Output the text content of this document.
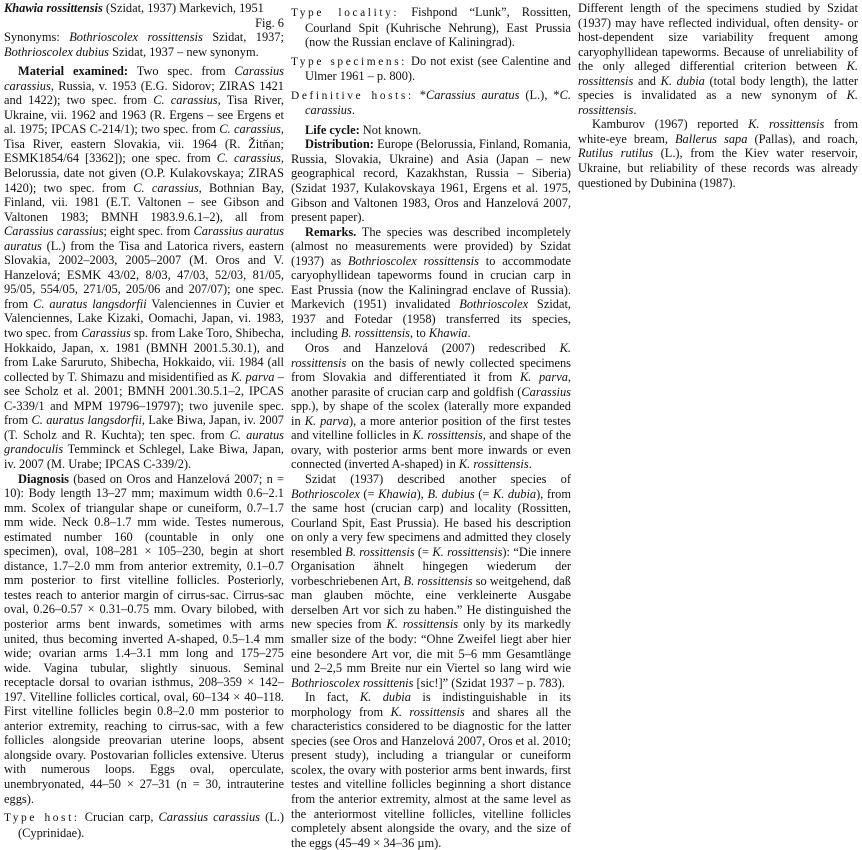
Khawia rossittensis (Szidat, 1937) Markevich, 1951

Fig. 6

Synonyms: Bothrioscolex rossittensis Szidat, 1937; Bothrioscolex dubius Szidat, 1937 – new synonym.

Material examined: Two spec. from Carassius carassius, Russia, v. 1953 (E.G. Sidorov; ZIRAS 1421 and 1422); two spec. from C. carassius, Tisa River, Ukraine, vii. 1962 and 1963 (R. Ergens – see Ergens et al. 1975; IPCAS C-214/1); two spec. from C. carassius, Tisa River, eastern Slovakia, vii. 1964 (R. Žitňan; ESMK1854/64 [3362]); one spec. from C. carassius, Belorussia, date not given (O.P. Kulakovskaya; ZIRAS 1420); two spec. from C. carassius, Bothnian Bay, Finland, vii. 1981 (E.T. Valtonen – see Gibson and Valtonen 1983; BMNH 1983.9.6.1–2), all from Carassius carassius; eight spec. from Carassius auratus auratus (L.) from the Tisa and Latorica rivers, eastern Slovakia, 2002–2003, 2005–2007 (M. Oros and V. Hanzelová; ESMK 43/02, 8/03, 47/03, 52/03, 81/05, 95/05, 554/05, 271/05, 205/06 and 207/07); one spec. from C. auratus langsdorfii Valenciennes in Cuvier et Valenciennes, Lake Kizaki, Oomachi, Japan, vi. 1983, two spec. from Carassius sp. from Lake Toro, Shibecha, Hokkaido, Japan, x. 1981 (BMNH 2001.5.30.1), and from Lake Saruruto, Shibecha, Hokkaido, vii. 1984 (all collected by T. Shimazu and misidentified as K. parva – see Scholz et al. 2001; BMNH 2001.30.5.1–2, IPCAS C-339/1 and MPM 19796–19797); two juvenile spec. from C. auratus langsdorfii, Lake Biwa, Japan, iv. 2007 (T. Scholz and R. Kuchta); ten spec. from C. auratus grandoculis Temminck et Schlegel, Lake Biwa, Japan, iv. 2007 (M. Urabe; IPCAS C-339/2).

Diagnosis (based on Oros and Hanzelová 2007; n = 10): Body length 13–27 mm; maximum width 0.6–2.1 mm. Scolex of triangular shape or cuneiform, 0.7–1.7 mm wide. Neck 0.8–1.7 mm wide. Testes numerous, estimated number 160 (countable in only one specimen), oval, 108–281 × 105–230, begin at short distance, 1.7–2.0 mm from anterior extremity, 0.1–0.7 mm posterior to first vitelline follicles. Posteriorly, testes reach to anterior margin of cirrus-sac. Cirrus-sac oval, 0.26–0.57 × 0.31–0.75 mm. Ovary bilobed, with posterior arms bent inwards, sometimes with arms united, thus becoming inverted A-shaped, 0.5–1.4 mm wide; ovarian arms 1.4–3.1 mm long and 175–275 wide. Vagina tubular, slightly sinuous. Seminal receptacle dorsal to ovarian isthmus, 208–359 × 142–197. Vitelline follicles cortical, oval, 60–134 × 40–118. First vitelline follicles begin 0.8–2.0 mm posterior to anterior extremity, reaching to cirrus-sac, with a few follicles alongside preovarian uterine loops, absent alongside ovary. Postovarian follicles extensive. Uterus with numerous loops. Eggs oval, operculate, unembryonated, 44–50 × 27–31 (n = 30, intrauterine eggs).

Type host: Crucian carp, Carassius carassius (L.) (Cyprinidae).

Type locality: Fishpond “Lunk”, Rossitten, Courland Spit (Kuhrische Nehrung), East Prussia (now the Russian enclave of Kaliningrad).

Type specimens: Do not exist (see Calentine and Ulmer 1961 – p. 800).

Definitive hosts: *Carassius auratus (L.), *C. carassius.

Life cycle: Not known.

Distribution: Europe (Belorussia, Finland, Romania, Russia, Slovakia, Ukraine) and Asia (Japan – new geographical record, Kazakhstan, Russia – Siberia) (Szidat 1937, Kulakovskaya 1961, Ergens et al. 1975, Gibson and Valtonen 1983, Oros and Hanzelová 2007, present paper).

Remarks. The species was described incompletely (almost no measurements were provided) by Szidat (1937) as Bothrioscolex rossittensis to accommodate caryophyllidean tapeworms found in crucian carp in East Prussia (now the Kaliningrad enclave of Russia). Markevich (1951) invalidated Bothrioscolex Szidat, 1937 and Fotedar (1958) transferred its species, including B. rossittensis, to Khawia.

Oros and Hanzelová (2007) redescribed K. rossittensis on the basis of newly collected specimens from Slovakia and differentiated it from K. parva, another parasite of crucian carp and goldfish (Carassius spp.), by shape of the scolex (laterally more expanded in K. parva), a more anterior position of the first testes and vitelline follicles in K. rossittensis, and shape of the ovary, with posterior arms bent more inwards or even connected (inverted A-shaped) in K. rossittensis.

Szidat (1937) described another species of Bothrioscolex (= Khawia), B. dubius (= K. dubia), from the same host (crucian carp) and locality (Rossitten, Courland Spit, East Prussia). He based his description on only a very few specimens and admitted they closely resembled B. rossittensis (= K. rossittensis): “Die innere Organisation ähnelt hingegen wiederum der vorbeschriebenen Art, B. rossittensis so weitgehend, daß man glauben möchte, eine verkleinerte Ausgabe derselben Art vor sich zu haben.” He distinguished the new species from K. rossittensis only by its markedly smaller size of the body: “Ohne Zweifel liegt aber hier eine besondere Art vor, die mit 5–6 mm Gesamtlänge und 2–2,5 mm Breite nur ein Viertel so lang wird wie Bothrioscolex rossittenis [sic!]” (Szidat 1937 – p. 783).

In fact, K. dubia is indistinguishable in its morphology from K. rossittensis and shares all the characteristics considered to be diagnostic for the latter species (see Oros and Hanzelová 2007, Oros et al. 2010; present study), including a triangular or cuneiform scolex, the ovary with posterior arms bent inwards, first testes and vitelline follicles beginning a short distance from the anterior extremity, almost at the same level as the anteriormost vitelline follicles, vitelline follicles completely absent alongside the ovary, and the size of the eggs (45–49 × 34–36 µm).

Different length of the specimens studied by Szidat (1937) may have reflected individual, often density- or host-dependent size variability frequent among caryophyllidean tapeworms. Because of unreliability of the only alleged differential criterion between K. rossittensis and K. dubia (total body length), the latter species is invalidated as a new synonym of K. rossittensis.

Kamburov (1967) reported K. rossittensis from white-eye bream, Ballerus sapa (Pallas), and roach, Rutilus rutilus (L.), from the Kiev water reservoir, Ukraine, but reliability of these records was already questioned by Dubinina (1987).
